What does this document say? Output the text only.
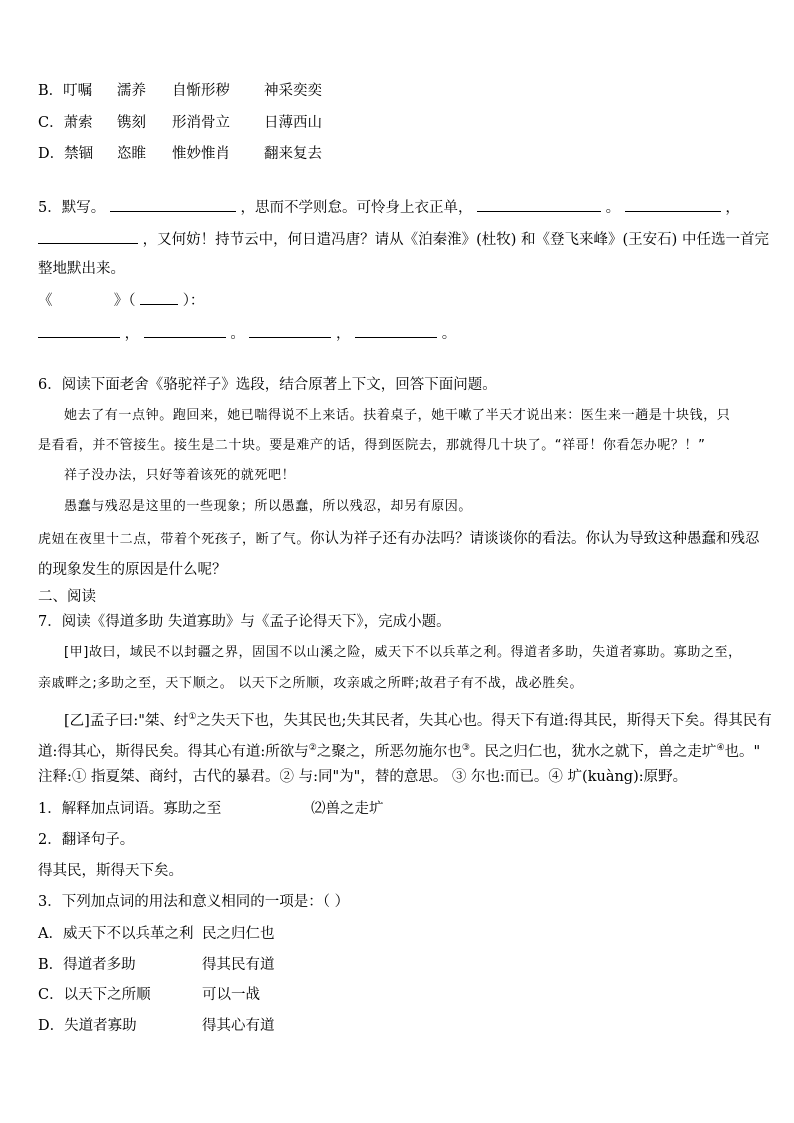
B．叮嘱 濡养 自惭形秽 神采奕奕
C．萧索 镌刻 形消骨立 日薄西山
D．禁锢 恣睢 惟妙惟肖 翻来复去
5．默写。	，思而不学则怠。可怜身上衣正单，	。	，
，又何妨！持节云中，何日遣冯唐？请从《泊秦淮》(杜牧) 和《登飞来峰》(王安石) 中任选一首完
整地默出来。
《	》（	）：
，	。	，	。
6．阅读下面老舍《骆驼祥子》选段，结合原著上下文，回答下面问题。
她去了有一点钟。跑回来，她已喘得说不上来话。扶着桌子，她干嗽了半天才说出来：医生来一趟是十块钱，只
是看看，并不管接生。接生是二十块。要是难产的话，得到医院去，那就得几十块了。“祥哥！你看怎办呢？！”
祥子没办法，只好等着该死的就死吧！
愚蠢与残忍是这里的一些现象；所以愚蠢，所以残忍，却另有原因。
虎妞在夜里十二点，带着个死孩子，断了气。你认为祥子还有办法吗？请谈谈你的看法。你认为导致这种愚蠢和残忍
的现象发生的原因是什么呢？
二、阅读
7．阅读《得道多助 失道寡助》与《孟子论得天下》，完成小题。
[甲]故曰，域民不以封疆之界，固国不以山溪之险，威天下不以兵革之利。得道者多助，失道者寡助。寡助之至，
亲戚畔之;多助之至，天下顺之。 以天下之所顺，攻亲戚之所畔;故君子有不战，战必胜矣。
[乙]孟子曰:"桀、纣①之失天下也，失其民也;失其民者，失其心也。得天下有道:得其民，斯得天下矣。得其民有
道:得其心，斯得民矣。得其心有道:所欲与②之聚之，所恶勿施尔也③。民之归仁也，犹水之就下，兽之走圹④也。"
注释:① 指夏桀、商纣，古代的暴君。② 与:同"为"，替的意思。 ③ 尔也:而已。④ 圹(kuàng):原野。
1．解释加点词语。寡助之至	⑵兽之走圹
2．翻译句子。
得其民，斯得天下矣。
3．下列加点词的用法和意义相同的一项是：（ ）
A．威天下不以兵革之利 民之归仁也
B．得道者多助	得其民有道
C．以天下之所顺	可以一战
D．失道者寡助	得其心有道
